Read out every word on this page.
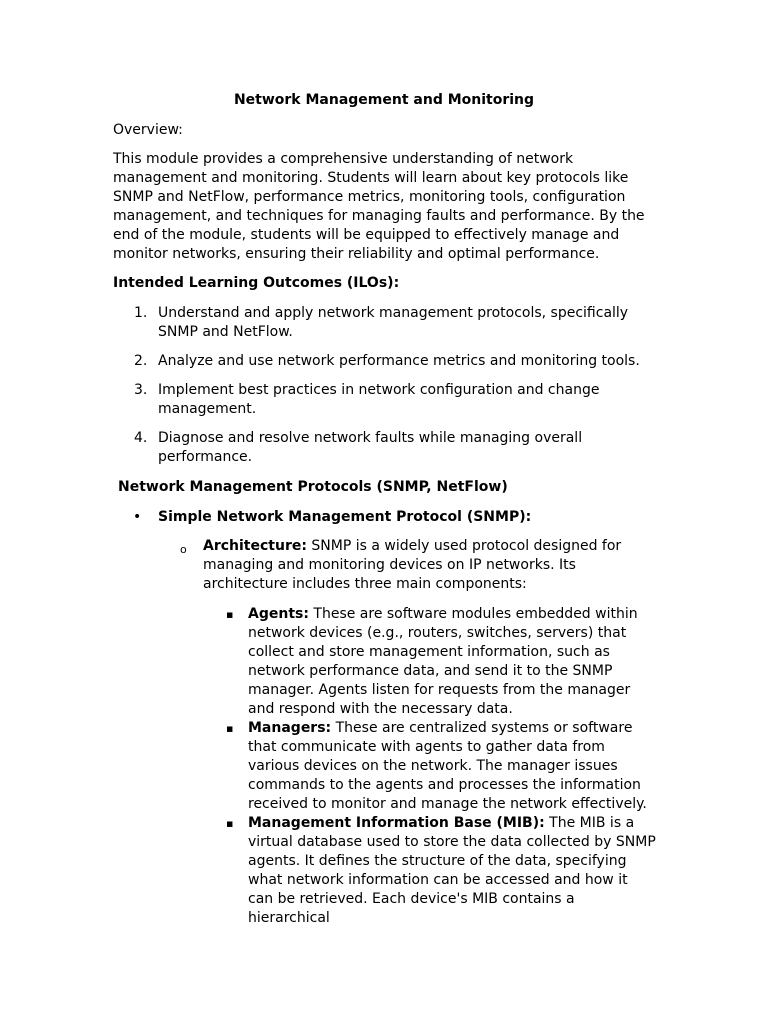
Network Management and Monitoring
Overview:
This module provides a comprehensive understanding of network management and monitoring. Students will learn about key protocols like SNMP and NetFlow, performance metrics, monitoring tools, configuration management, and techniques for managing faults and performance. By the end of the module, students will be equipped to effectively manage and monitor networks, ensuring their reliability and optimal performance.
Intended Learning Outcomes (ILOs):
1. Understand and apply network management protocols, specifically SNMP and NetFlow.
2. Analyze and use network performance metrics and monitoring tools.
3. Implement best practices in network configuration and change management.
4. Diagnose and resolve network faults while managing overall performance.
Network Management Protocols (SNMP, NetFlow)
• Simple Network Management Protocol (SNMP):
o Architecture: SNMP is a widely used protocol designed for managing and monitoring devices on IP networks. Its architecture includes three main components:
▪ Agents: These are software modules embedded within network devices (e.g., routers, switches, servers) that collect and store management information, such as network performance data, and send it to the SNMP manager. Agents listen for requests from the manager and respond with the necessary data.
▪ Managers: These are centralized systems or software that communicate with agents to gather data from various devices on the network. The manager issues commands to the agents and processes the information received to monitor and manage the network effectively.
▪ Management Information Base (MIB): The MIB is a virtual database used to store the data collected by SNMP agents. It defines the structure of the data, specifying what network information can be accessed and how it can be retrieved. Each device's MIB contains a hierarchical
